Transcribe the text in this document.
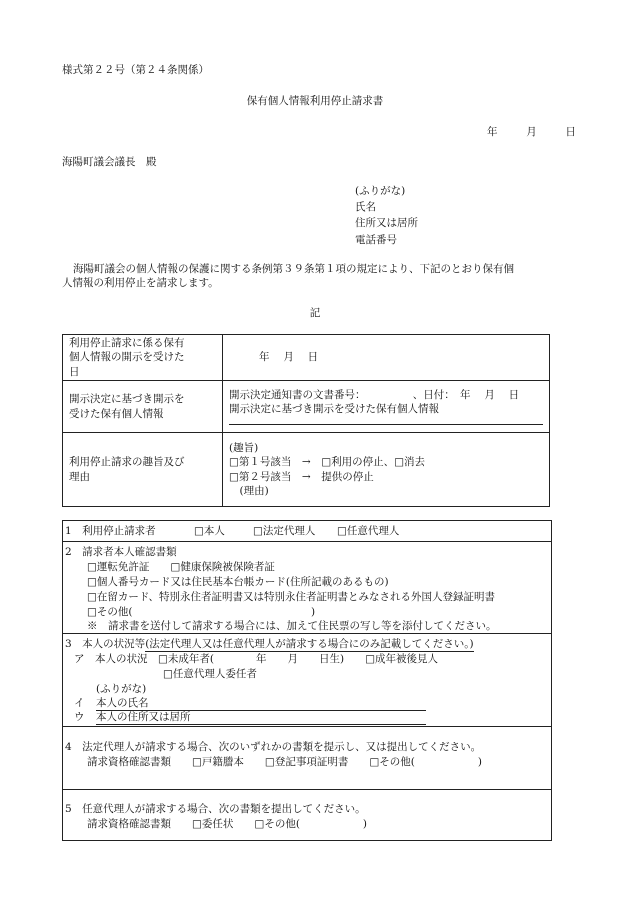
様式第２２号（第２４条関係）
保有個人情報利用停止請求書
年	月	日
海陽町議会議長　殿
(ふりがな)
氏名
住所又は居所
電話番号
海陽町議会の個人情報の保護に関する条例第３９条第１項の規定により、下記のとおり保有個
人情報の利用停止を請求します。
記
利用停止請求に係る保有
個人情報の開示を受けた
日	年　 月　 日

開示決定に基づき開示を
受けた保有個人情報	開示決定通知書の文書番号：　　　　　、日付：　年　 月　 日
開示決定に基づき開示を受けた保有個人情報

利用停止請求の趣旨及び
理由	(趣旨)
□第１号該当　→　□利用の停止、□消去
□第２号該当　→　提供の停止
　(理由)
1　利用停止請求者	□本人	□法定代理人 □任意代理人
2　請求者本人確認書類
□運転免許証　　□健康保険被保険者証
□個人番号カード又は住民基本台帳カード(住所記載のあるもの)
□在留カード、特別永住者証明書又は特別永住者証明書とみなされる外国人登録証明書
□その他(　　　　　　　　　　　　　　　　　)
※　請求書を送付して請求する場合には、加えて住民票の写し等を添付してください。
3　本人の状況等(法定代理人又は任意代理人が請求する場合にのみ記載してください。)
ア　本人の状況　□未成年者(　　　　年　　月　　日生)　　□成年被後見人
□任意代理人委任者
(ふりがな)
イ 本人の氏名
ウ 本人の住所又は居所
4　法定代理人が請求する場合、次のいずれかの書類を提示し、又は提出してください。
請求資格確認書類　　□戸籍謄本　　□登記事項証明書　　□その他(　　　　　　)
5　任意代理人が請求する場合、次の書類を提出してください。
請求資格確認書類　　□委任状　　□その他(　　　　　　)
